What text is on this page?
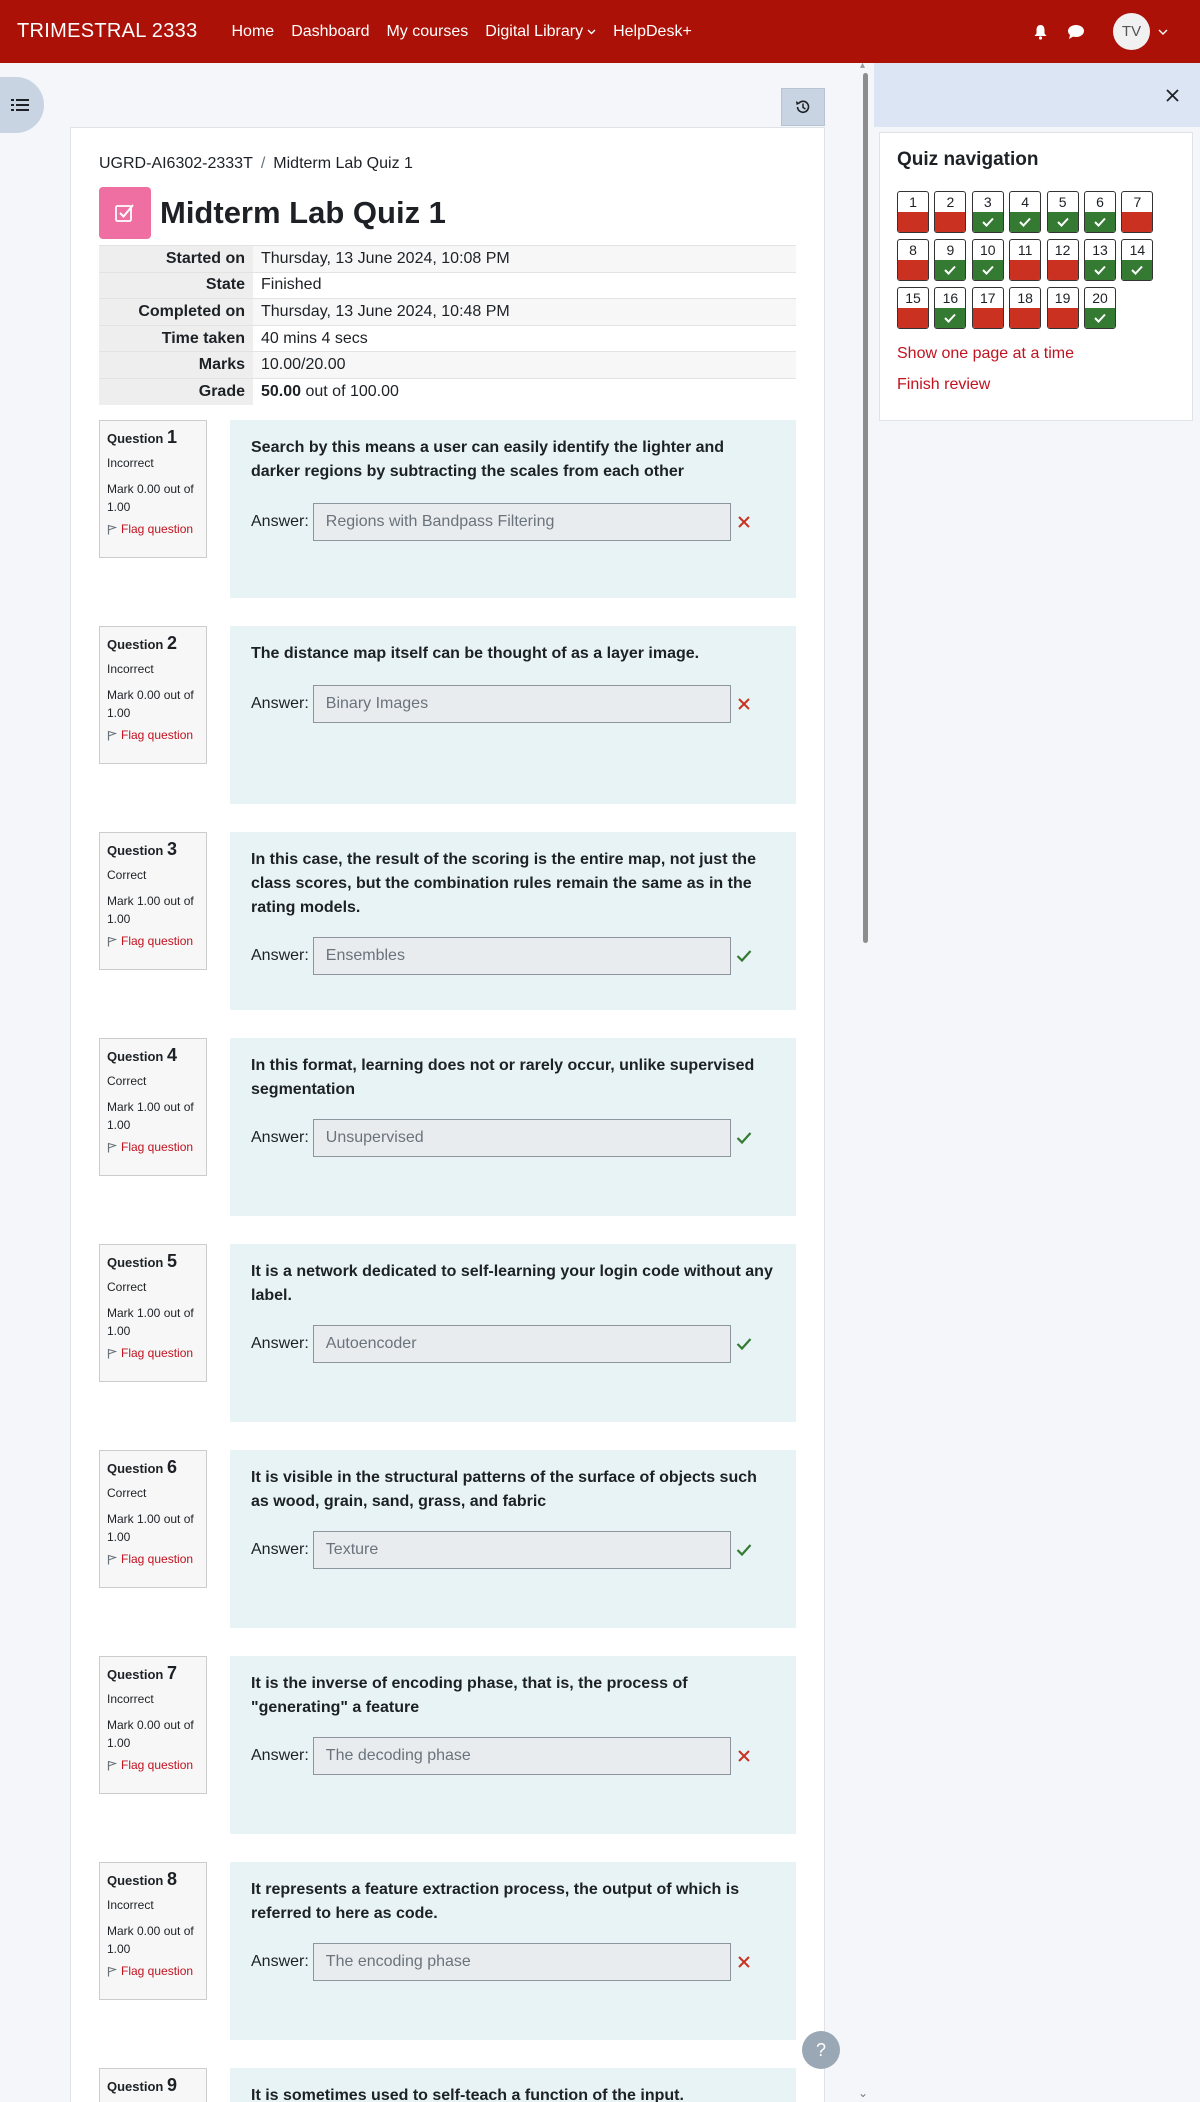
TRIMESTRAL 2333 Home Dashboard My courses Digital Library HelpDesk+	TV
▴
⌄
UGRD-AI6302-2333T / Midterm Lab Quiz 1
Midterm Lab Quiz 1
Started on	Thursday, 13 June 2024, 10:08 PM
State	Finished
Completed on	Thursday, 13 June 2024, 10:48 PM
Time taken	40 mins 4 secs
Marks	10.00/20.00
Grade	50.00 out of 100.00
Question 1
Incorrect
Mark 0.00 out of 1.00
Flag question
Search by this means a user can easily identify the lighter and darker regions by subtracting the scales from each other
Answer:	Regions with Bandpass Filtering
Question 2
Incorrect
Mark 0.00 out of 1.00
Flag question
The distance map itself can be thought of as a layer image.
Answer:	Binary Images
Question 3
Correct
Mark 1.00 out of 1.00
Flag question
In this case, the result of the scoring is the entire map, not just the class scores, but the combination rules remain the same as in the rating models.
Answer:	Ensembles
Question 4
Correct
Mark 1.00 out of 1.00
Flag question
In this format, learning does not or rarely occur, unlike supervised segmentation
Answer:	Unsupervised
Question 5
Correct
Mark 1.00 out of 1.00
Flag question
It is a network dedicated to self-learning your login code without any label.
Answer:	Autoencoder
Question 6
Correct
Mark 1.00 out of 1.00
Flag question
It is visible in the structural patterns of the surface of objects such as wood, grain, sand, grass, and fabric
Answer:	Texture
Question 7
Incorrect
Mark 0.00 out of 1.00
Flag question
It is the inverse of encoding phase, that is, the process of "generating" a feature
Answer:	The decoding phase
Question 8
Incorrect
Mark 0.00 out of 1.00
Flag question
It represents a feature extraction process, the output of which is referred to here as code.
Answer:	The encoding phase
Question 9
It is sometimes used to self-teach a function of the input.
Quiz navigation
1	2	3	4	5	6	7
8	9	10	11	12	13	14
15	16	17	18	19	20
Show one page at a time
Finish review
?
